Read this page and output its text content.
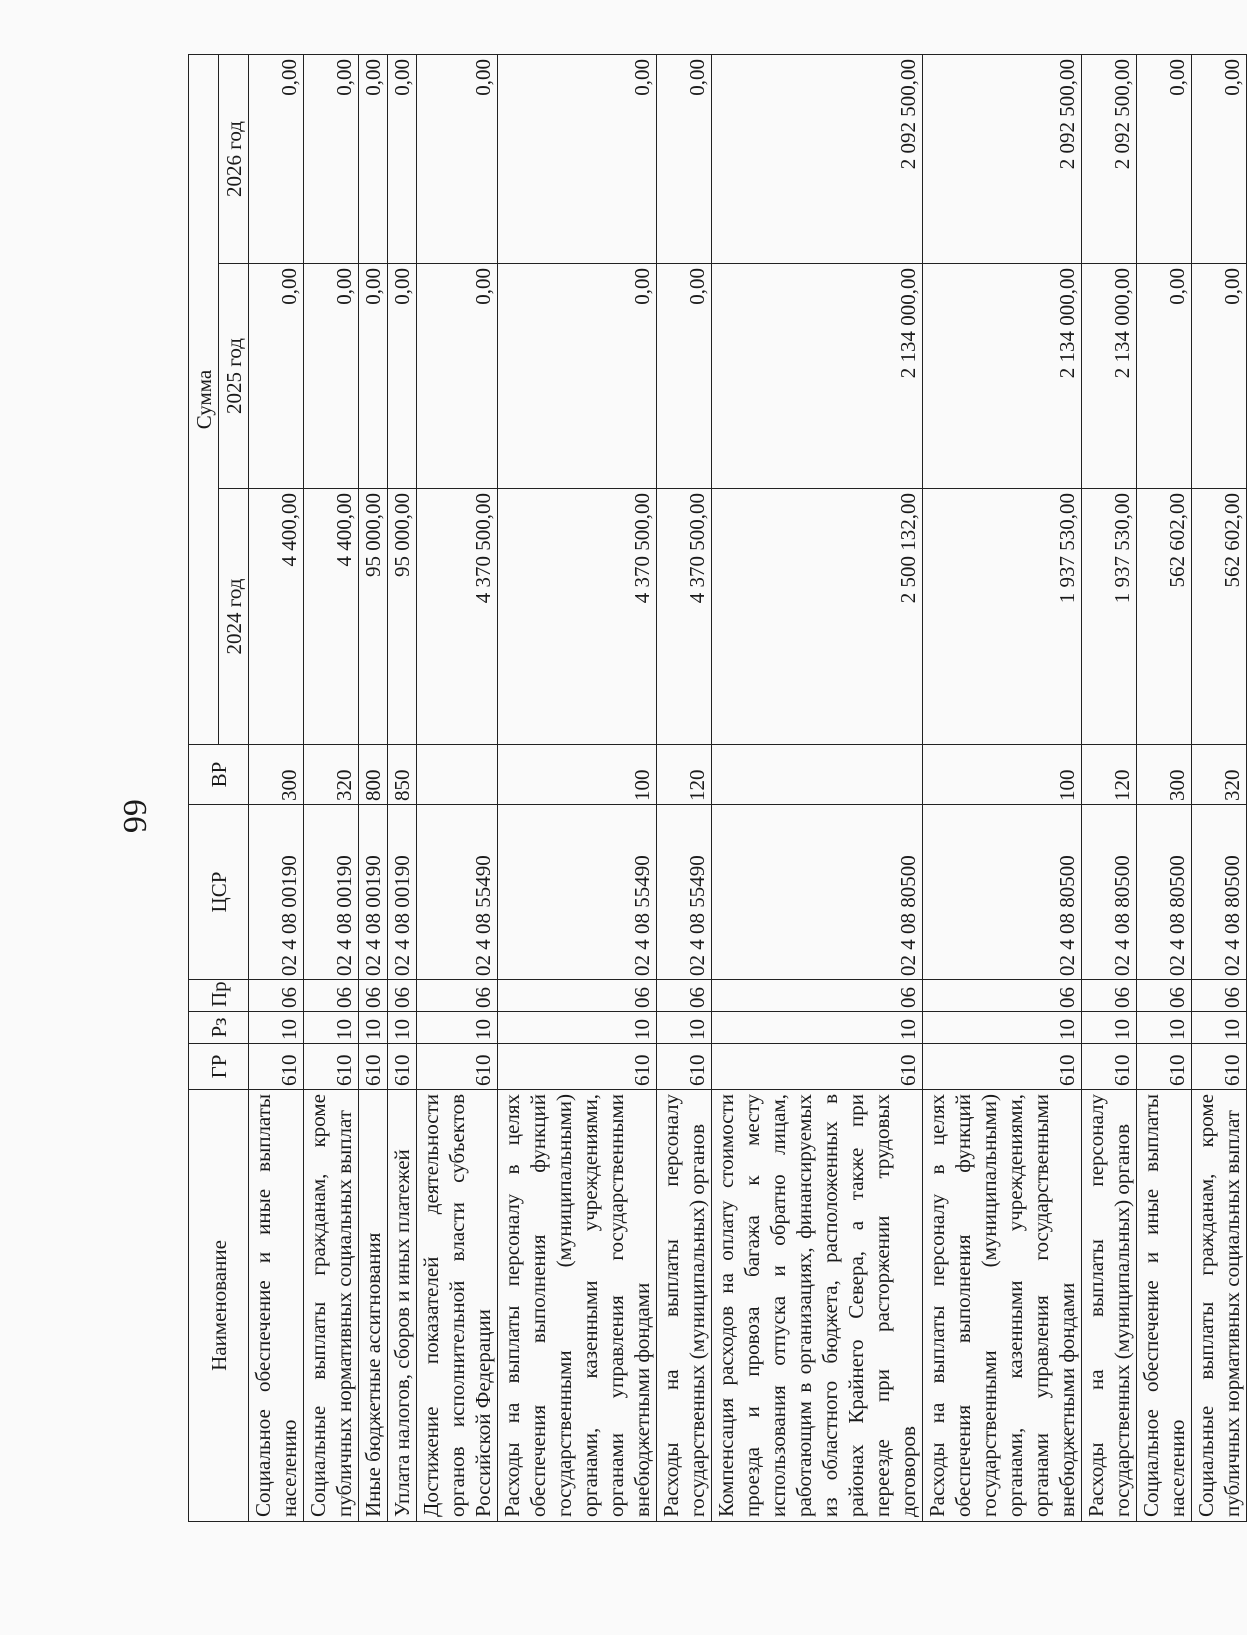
66
Наименование	ГР	Рз	Пр	ЦСР	ВР	Сумма		
						2024 год	2025 год	2026 год
Социальное обеспечение и иные выплаты населению	610	10	06	02 4 08 00190	300	4 400,00	0,00	0,00
Социальные выплаты гражданам, кроме публичных нормативных социальных выплат	610	10	06	02 4 08 00190	320	4 400,00	0,00	0,00
Иные бюджетные ассигнования	610	10	06	02 4 08 00190	800	95 000,00	0,00	0,00
Уплата налогов, сборов и иных платежей	610	10	06	02 4 08 00190	850	95 000,00	0,00	0,00
Достижение показателей деятельности органов исполнительной власти субъектов Российской Федерации	610	10	06	02 4 08 55490		4 370 500,00	0,00	0,00
Расходы на выплаты персоналу в целях обеспечения выполнения функций государственными (муниципальными) органами, казенными учреждениями, органами управления государственными внебюджетными фондами	610	10	06	02 4 08 55490	100	4 370 500,00	0,00	0,00
Расходы на выплаты персоналу государственных (муниципальных) органов	610	10	06	02 4 08 55490	120	4 370 500,00	0,00	0,00
Компенсация расходов на оплату стоимости проезда и провоза багажа к месту использования отпуска и обратно лицам, работающим в организациях, финансируемых из областного бюджета, расположенных в районах Крайнего Севера, а также при переезде при расторжении трудовых договоров	610	10	06	02 4 08 80500		2 500 132,00	2 134 000,00	2 092 500,00
Расходы на выплаты персоналу в целях обеспечения выполнения функций государственными (муниципальными) органами, казенными учреждениями, органами управления государственными внебюджетными фондами	610	10	06	02 4 08 80500	100	1 937 530,00	2 134 000,00	2 092 500,00
Расходы на выплаты персоналу государственных (муниципальных) органов	610	10	06	02 4 08 80500	120	1 937 530,00	2 134 000,00	2 092 500,00
Социальное обеспечение и иные выплаты населению	610	10	06	02 4 08 80500	300	562 602,00	0,00	0,00
Социальные выплаты гражданам, кроме публичных нормативных социальных выплат	610	10	06	02 4 08 80500	320	562 602,00	0,00	0,00
